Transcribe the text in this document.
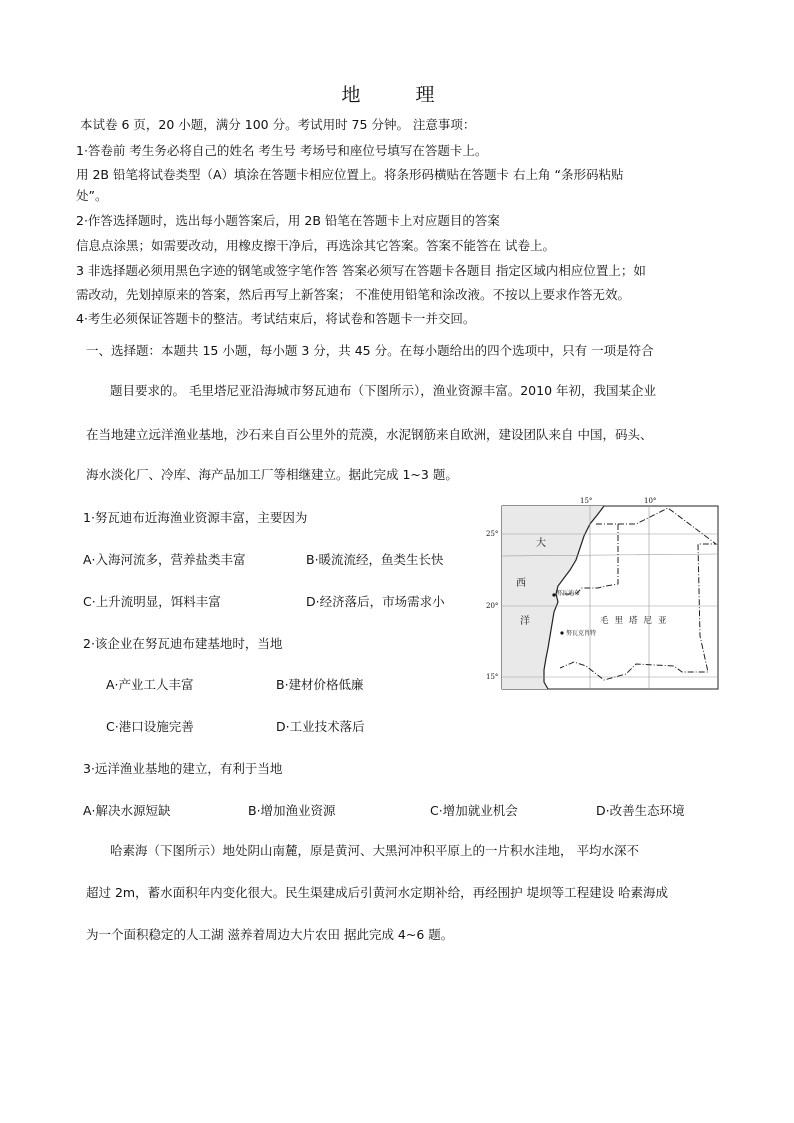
地　理
本试卷 6 页，20 小题，满分 100 分。考试用时 75 分钟。 注意事项：
1·答卷前 考生务必将自己的姓名 考生号 考场号和座位号填写在答题卡上。
用 2B 铅笔将试卷类型（A）填涂在答题卡相应位置上。将条形码横贴在答题卡 右上角 “条形码粘贴
处”。
2·作答选择题时，选出每小题答案后，用 2B 铅笔在答题卡上对应题目的答案
信息点涂黑；如需要改动，用橡皮擦干净后，再选涂其它答案。答案不能答在 试卷上。
3 非选择题必须用黑色字迹的钢笔或签字笔作答 答案必须写在答题卡各题目 指定区域内相应位置上；如
需改动，先划掉原来的答案，然后再写上新答案； 不准使用铅笔和涂改液。不按以上要求作答无效。
4·考生必须保证答题卡的整洁。考试结束后，将试卷和答题卡一并交回。
一、选择题：本题共 15 小题，每小题 3 分，共 45 分。在每小题给出的四个选项中，只有 一项是符合
题目要求的。 毛里塔尼亚沿海城市努瓦迪布（下图所示），渔业资源丰富。2010 年初，我国某企业
在当地建立远洋渔业基地，沙石来自百公里外的荒漠，水泥钢筋来自欧洲，建设团队来自 中国，码头、
海水淡化厂、冷库、海产品加工厂等相继建立。据此完成 1~3 题。
1·努瓦迪布近海渔业资源丰富，主要因为
A·入海河流多，营养盐类丰富	B·暖流流经，鱼类生长快
C·上升流明显，饵料丰富	D·经济落后，市场需求小
2·该企业在努瓦迪布建基地时，当地
A·产业工人丰富	B·建材价格低廉
C·港口设施完善	D·工业技术落后
3·远洋渔业基地的建立，有利于当地
A·解决水源短缺	B·增加渔业资源	C·增加就业机会	D·改善生态环境
哈素海（下图所示）地处阴山南麓，原是黄河、大黑河冲积平原上的一片积水洼地， 平均水深不
超过 2m，蓄水面积年内变化很大。民生渠建成后引黄河水定期补给，再经围护 堤坝等工程建设 哈素海成
为一个面积稳定的人工湖 滋养着周边大片农田 据此完成 4~6 题。
15°	10°
25°
20°
15°
大
西
洋	毛里塔尼亚
努瓦迪布
努瓦克肖特
